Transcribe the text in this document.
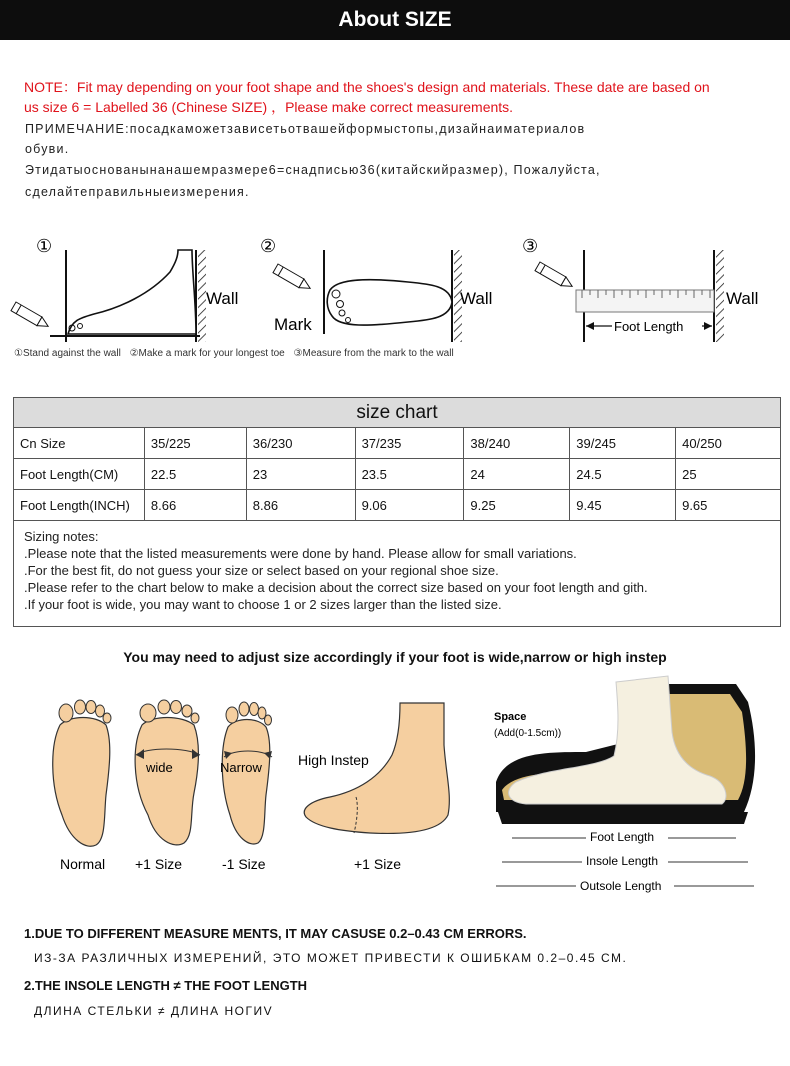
About SIZE
NOTE：Fit may depending on your foot shape and the shoes's design and materials. These date are based on
us size 6 = Labelled 36 (Chinese SIZE) ，Please make correct measurements.
ПРИМЕЧАНИЕ:посадкаможетзависетьотвашейформыстопы,дизайнаиматериалов
обуви.
Этидатыоснованынанашемразмере6=снадписью36(китайскийразмер), Пожалуйста,
сделайтеправильныеизмерения.
①
Wall
②
Mark
Wall
③
Foot Length
Wall
①Stand against the wall ②Make a mark for your longest toe ③Measure from the mark to the wall
size chart						
Cn Size	35/225	36/230	37/235	38/240	39/245	40/250
Foot Length(CM)	22.5	23	23.5	24	24.5	25
Foot Length(INCH)	8.66	8.86	9.06	9.25	9.45	9.65
Sizing notes:
.Please note that the listed measurements were done by hand. Please allow for small variations.
.For the best fit, do not guess your size or select based on your regional shoe size.
.Please refer to the chart below to make a decision about the correct size based on your foot length and gith.
.If your foot is wide, you may want to choose 1 or 2 sizes larger than the listed size.
You may need to adjust size accordingly if your foot is wide,narrow or high instep
wide	Narrow	High Instep
Normal +1 Size	-1 Size	+1 Size
Space
(Add(0-1.5cm))
Foot Length
Insole Length
Outsole Length
1.DUE TO DIFFERENT MEASURE MENTS, IT MAY CASUSE 0.2–0.43 CM ERRORS.
ИЗ-ЗА РАЗЛИЧНЫХ ИЗМЕРЕНИЙ, ЭТО МОЖЕТ ПРИВЕСТИ К ОШИБКАМ 0.2–0.45 СМ.
2.THE INSOLE LENGTH ≠ THE FOOT LENGTH
ДЛИНА СТЕЛЬКИ ≠ ДЛИНА НОГИV
